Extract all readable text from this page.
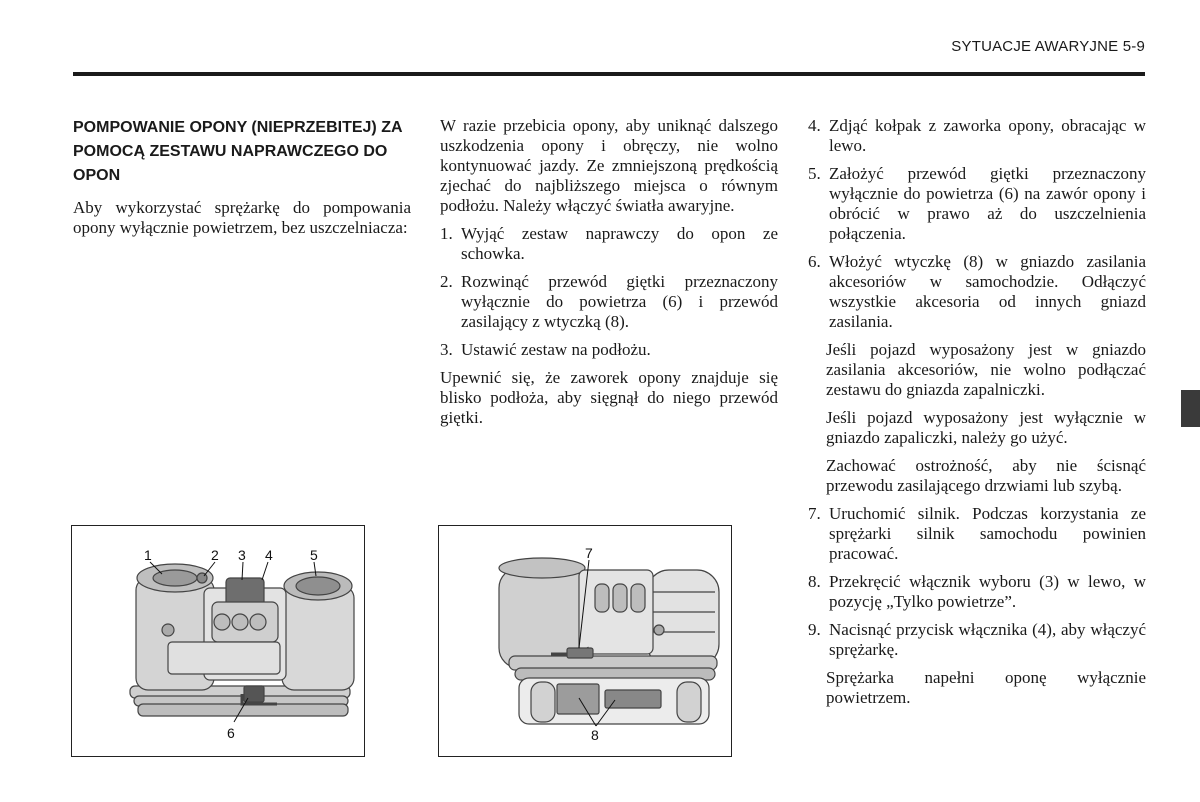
SYTUACJE AWARYJNE 5-9
POMPOWANIE OPONY (NIEPRZEBITEJ) ZA POMOCĄ ZESTAWU NAPRAWCZEGO DO OPON

Aby wykorzystać sprężarkę do pompowania opony wyłącznie powietrzem, bez uszczelniacza:

W razie przebicia opony, aby uniknąć dalszego uszkodzenia opony i obręczy, nie wolno kontynuować jazdy. Ze zmniejszoną prędkością zjechać do najbliższego miejsca o równym podłożu. Należy włączyć światła awaryjne.

1. Wyjąć zestaw naprawczy do opon ze schowka.
2. Rozwinąć przewód giętki przeznaczony wyłącznie do powietrza (6) i przewód zasilający z wtyczką (8).
3. Ustawić zestaw na podłożu.

Upewnić się, że zaworek opony znajduje się blisko podłoża, aby sięgnął do niego przewód giętki.

4. Zdjąć kołpak z zaworka opony, obracając w lewo.
5. Założyć przewód giętki przeznaczony wyłącznie do powietrza (6) na zawór opony i obrócić w prawo aż do uszczelnienia połączenia.
6. Włożyć wtyczkę (8) w gniazdo zasilania akcesoriów w samochodzie. Odłączyć wszystkie akcesoria od innych gniazd zasilania.

Jeśli pojazd wyposażony jest w gniazdo zasilania akcesoriów, nie wolno podłączać zestawu do gniazda zapalniczki.

Jeśli pojazd wyposażony jest wyłącznie w gniazdo zapaliczki, należy go użyć.

Zachować ostrożność, aby nie ścisnąć przewodu zasilającego drzwiami lub szybą.

7. Uruchomić silnik. Podczas korzystania ze sprężarki silnik samochodu powinien pracować.
8. Przekręcić włącznik wyboru (3) w lewo, w pozycję „Tylko powietrze”.
9. Nacisnąć przycisk włącznika (4), aby włączyć sprężarkę.

Sprężarka napełni oponę wyłącznie powietrzem.

1	2 3 4	5
6
7
8
